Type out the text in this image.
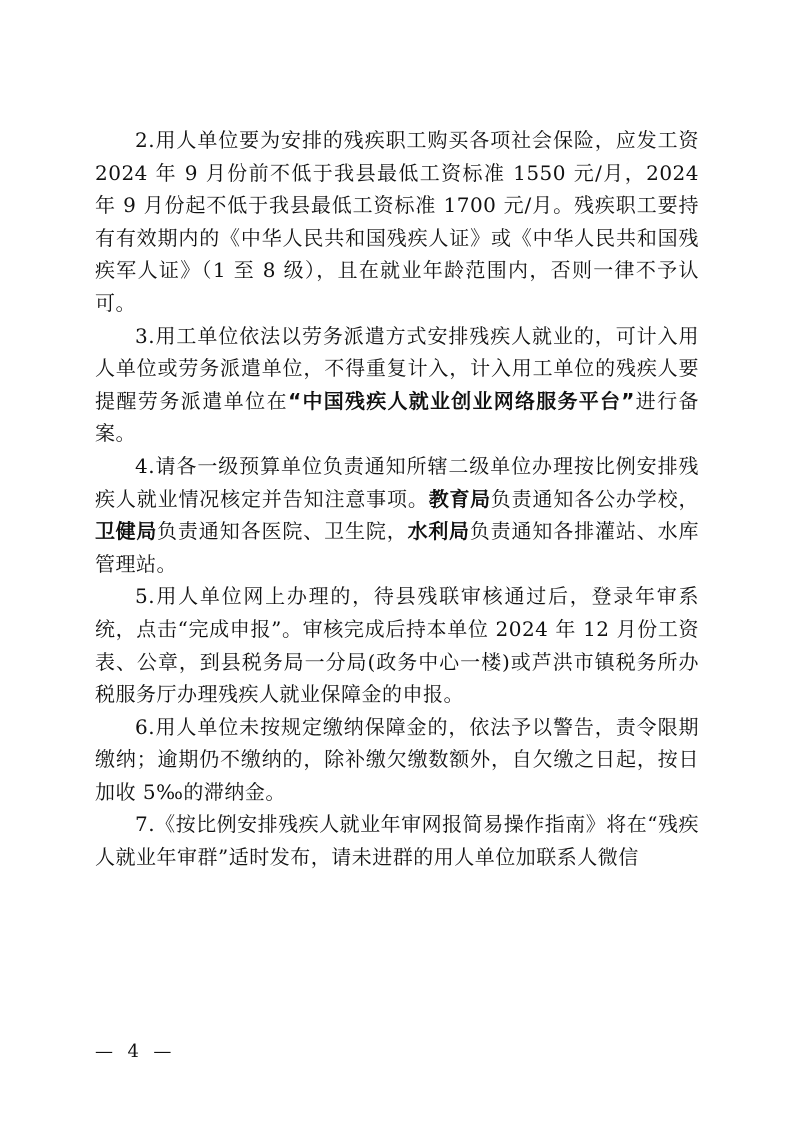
2.用人单位要为安排的残疾职工购买各项社会保险，应发工资 2024 年 9 月份前不低于我县最低工资标准 1550 元/月，2024 年 9 月份起不低于我县最低工资标准 1700 元/月。残疾职工要持有有效期内的《中华人民共和国残疾人证》或《中华人民共和国残疾军人证》（1 至 8 级），且在就业年龄范围内，否则一律不予认可。

3.用工单位依法以劳务派遣方式安排残疾人就业的，可计入用人单位或劳务派遣单位，不得重复计入，计入用工单位的残疾人要提醒劳务派遣单位在“中国残疾人就业创业网络服务平台”进行备案。

4.请各一级预算单位负责通知所辖二级单位办理按比例安排残疾人就业情况核定并告知注意事项。教育局负责通知各公办学校，卫健局负责通知各医院、卫生院，水利局负责通知各排灌站、水库管理站。

5.用人单位网上办理的，待县残联审核通过后，登录年审系统，点击“完成申报”。审核完成后持本单位 2024 年 12 月份工资表、公章，到县税务局一分局(政务中心一楼)或芦洪市镇税务所办税服务厅办理残疾人就业保障金的申报。

6.用人单位未按规定缴纳保障金的，依法予以警告，责令限期缴纳；逾期仍不缴纳的，除补缴欠缴数额外，自欠缴之日起，按日加收 5‰的滞纳金。

7.《按比例安排残疾人就业年审网报简易操作指南》将在“残疾人就业年审群”适时发布，请未进群的用人单位加联系人微信

—  4  —
